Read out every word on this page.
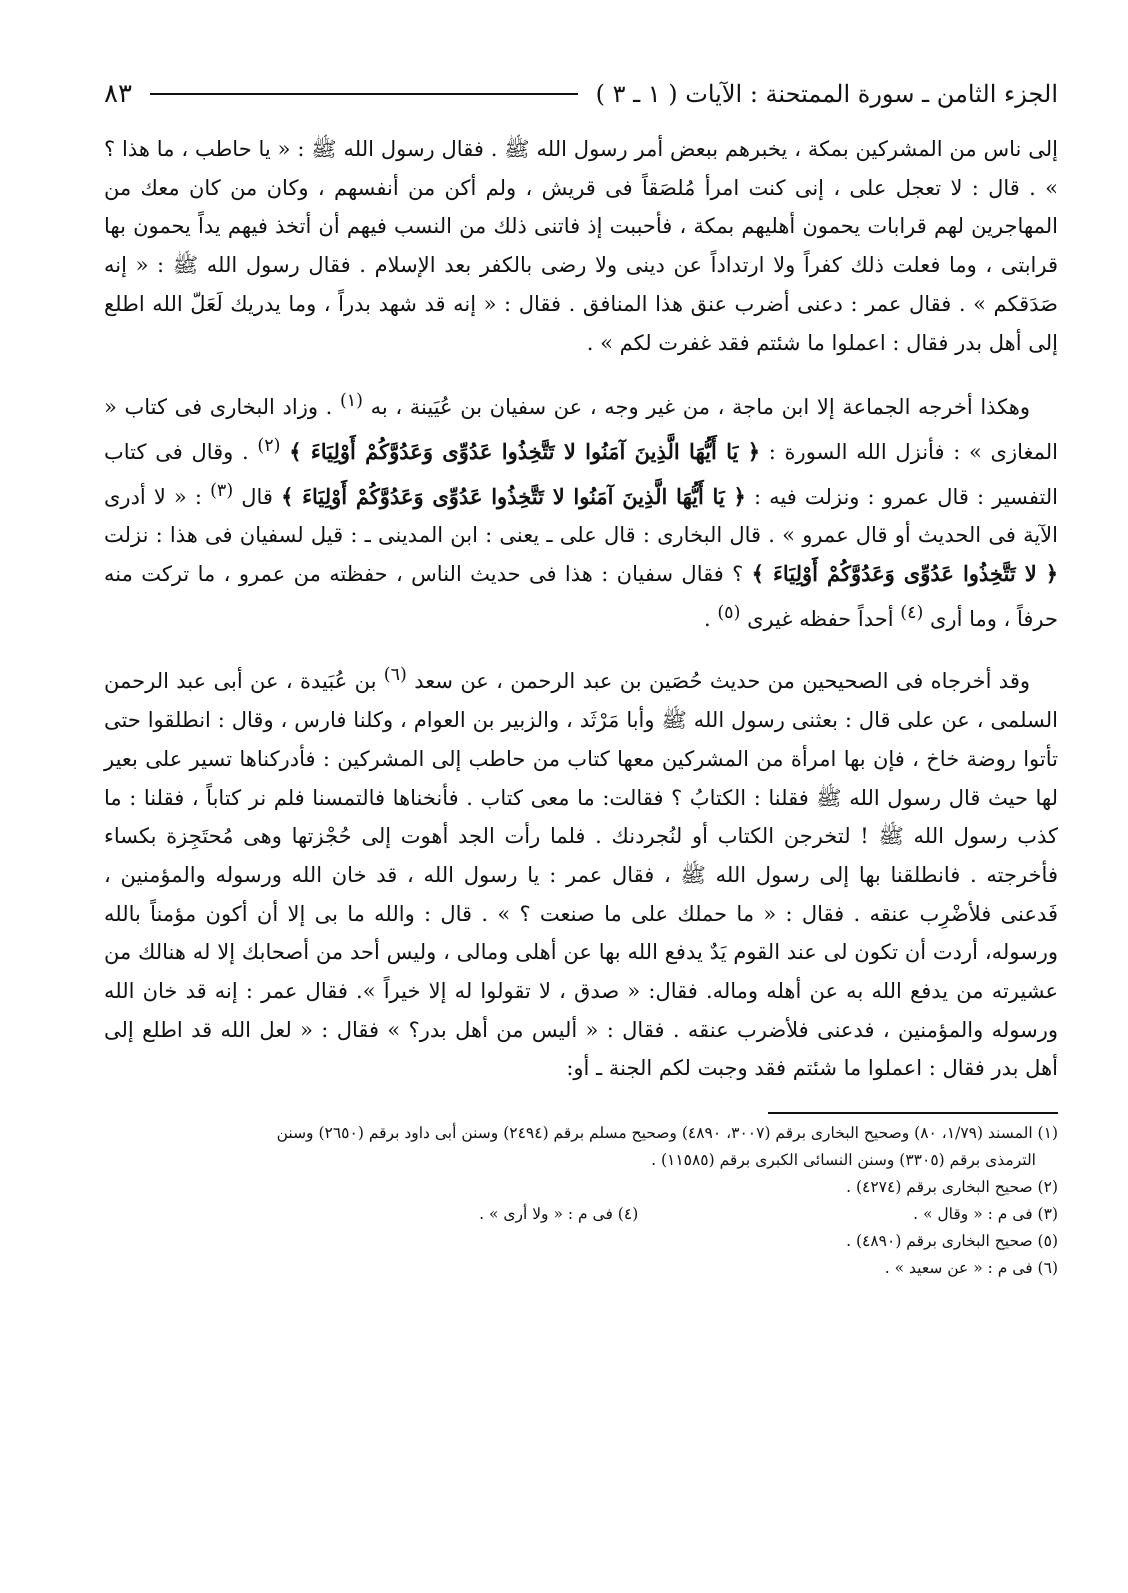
الجزء الثامن ـ سورة الممتحنة : الآيات ( ١ ـ ٣ )
٨٣

إلى ناس من المشركين بمكة ، يخبرهم ببعض أمر رسول الله ﷺ . فقال رسول الله ﷺ : « يا حاطب ، ما هذا ؟ » . قال : لا تعجل على ، إنى كنت امرأ مُلصَقاً فى قريش ، ولم أكن من أنفسهم ، وكان من كان معك من المهاجرين لهم قرابات يحمون أهليهم بمكة ، فأحببت إذ فاتنى ذلك من النسب فيهم أن أتخذ فيهم يداً يحمون بها قرابتى ، وما فعلت ذلك كفراً ولا ارتداداً عن دينى ولا رضى بالكفر بعد الإسلام . فقال رسول الله ﷺ : « إنه صَدَقكم » . فقال عمر : دعنى أضرب عنق هذا المنافق . فقال : « إنه قد شهد بدراً ، وما يدريك لَعَلّ الله اطلع إلى أهل بدر فقال : اعملوا ما شئتم فقد غفرت لكم » .

وهكذا أخرجه الجماعة إلا ابن ماجة ، من غير وجه ، عن سفيان بن عُيَينة ، به $^{(١)}$ . وزاد البخارى فى كتاب « المغازى » : فأنزل الله السورة : ﴿ يَا أَيُّهَا الَّذِينَ آمَنُوا لا تَتَّخِذُوا عَدُوِّى وَعَدُوَّكُمْ أَوْلِيَاءَ ﴾ $^{(٢)}$ . وقال فى كتاب التفسير : قال عمرو : ونزلت فيه : ﴿ يَا أَيُّهَا الَّذِينَ آمَنُوا لا تَتَّخِذُوا عَدُوِّى وَعَدُوَّكُمْ أَوْلِيَاءَ ﴾ قال $^{(٣)}$ : « لا أدرى الآية فى الحديث أو قال عمرو » . قال البخارى : قال على ـ يعنى : ابن المدينى ـ : قيل لسفيان فى هذا : نزلت ﴿ لا تَتَّخِذُوا عَدُوِّى وَعَدُوَّكُمْ أَوْلِيَاءَ ﴾ ؟ فقال سفيان : هذا فى حديث الناس ، حفظته من عمرو ، ما تركت منه حرفاً ، وما أرى $^{(٤)}$ أحداً حفظه غيرى $^{(٥)}$ .

وقد أخرجاه فى الصحيحين من حديث حُصَين بن عبد الرحمن ، عن سعد $^{(٦)}$ بن عُبَيدة ، عن أبى عبد الرحمن السلمى ، عن على قال : بعثنى رسول الله ﷺ وأبا مَرْثَد ، والزبير بن العوام ، وكلنا فارس ، وقال : انطلقوا حتى تأتوا روضة خاخ ، فإن بها امرأة من المشركين معها كتاب من حاطب إلى المشركين : فأدركناها تسير على بعير لها حيث قال رسول الله ﷺ فقلنا : الكتابُ ؟ فقالت: ما معى كتاب . فأنخناها فالتمسنا فلم نر كتاباً ، فقلنا : ما كذب رسول الله ﷺ ! لتخرجن الكتاب أو لنُجردنك . فلما رأت الجد أهوت إلى حُجْزتها وهى مُحتَجِزة بكساء فأخرجته . فانطلقنا بها إلى رسول الله ﷺ ، فقال عمر : يا رسول الله ، قد خان الله ورسوله والمؤمنين ، فَدعنى فلأضْرِب عنقه . فقال : « ما حملك على ما صنعت ؟ » . قال : والله ما بى إلا أن أكون مؤمناً بالله ورسوله، أردت أن تكون لى عند القوم يَدٌ يدفع الله بها عن أهلى ومالى ، وليس أحد من أصحابك إلا له هنالك من عشيرته من يدفع الله به عن أهله وماله. فقال: « صدق ، لا تقولوا له إلا خيراً ». فقال عمر : إنه قد خان الله ورسوله والمؤمنين ، فدعنى فلأضرب عنقه . فقال : « أليس من أهل بدر؟ » فقال : « لعل الله قد اطلع إلى أهل بدر فقال : اعملوا ما شئتم فقد وجبت لكم الجنة ـ أو:

(١) المسند (١/٧٩، ٨٠) وصحيح البخارى برقم (٣٠٠٧، ٤٨٩٠) وصحيح مسلم برقم (٢٤٩٤) وسنن أبى داود برقم (٢٦٥٠) وسنن

الترمذى برقم (٣٣٠٥) وسنن النسائى الكبرى برقم (١١٥٨٥) .

(٢) صحيح البخارى برقم (٤٢٧٤) .

(٣) فى م : « وقال » .

(٤) فى م : « ولا أرى » .

(٥) صحيح البخارى برقم (٤٨٩٠) .

(٦) فى م : « عن سعيد » .
